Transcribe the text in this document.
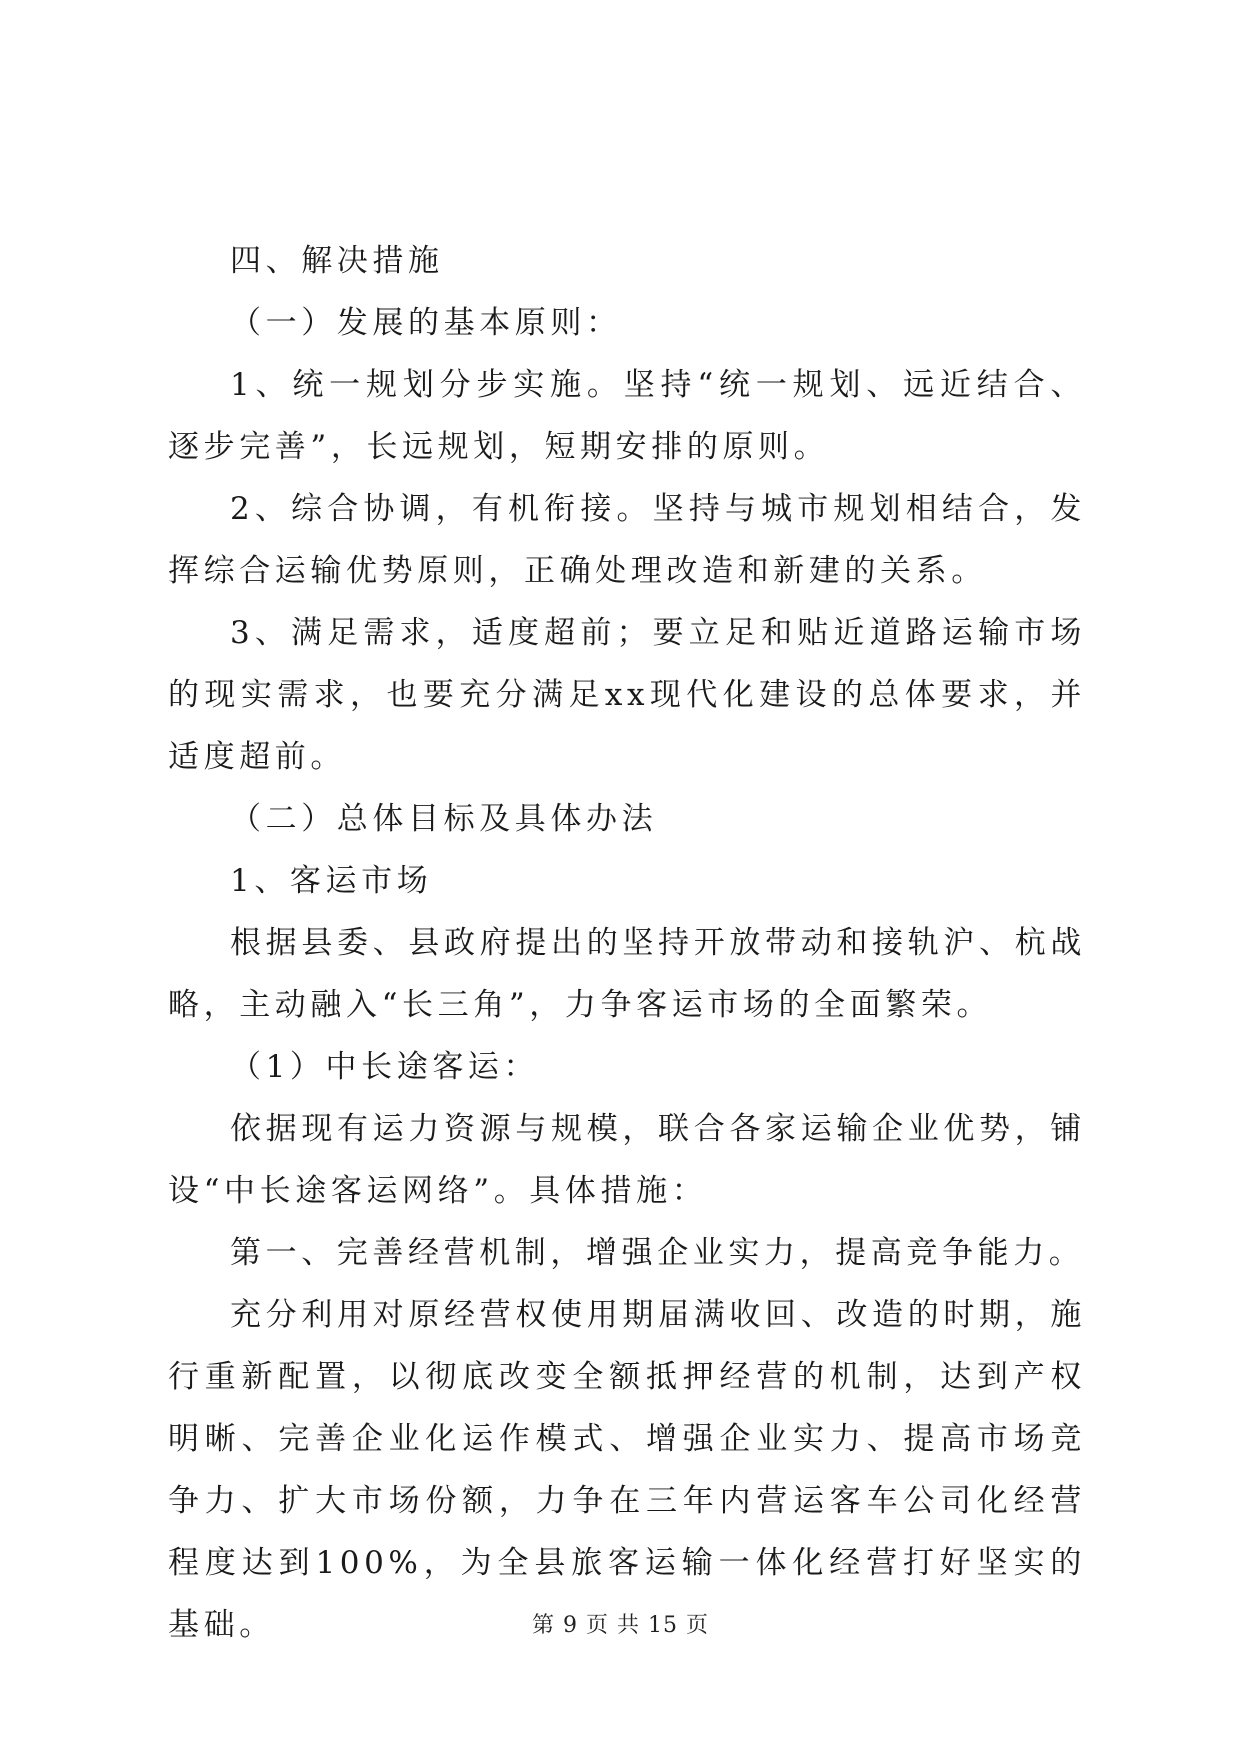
四、解决措施

（一）发展的基本原则：

1、统一规划分步实施。坚持“统一规划、远近结合、逐步完善”，长远规划，短期安排的原则。

2、综合协调，有机衔接。坚持与城市规划相结合，发挥综合运输优势原则，正确处理改造和新建的关系。

3、满足需求，适度超前；要立足和贴近道路运输市场的现实需求，也要充分满足xx现代化建设的总体要求，并适度超前。

（二）总体目标及具体办法

1、客运市场

根据县委、县政府提出的坚持开放带动和接轨沪、杭战略，主动融入“长三角”，力争客运市场的全面繁荣。

（1）中长途客运：

依据现有运力资源与规模，联合各家运输企业优势，铺设“中长途客运网络”。具体措施：

第一、完善经营机制，增强企业实力，提高竞争能力。

充分利用对原经营权使用期届满收回、改造的时期，施行重新配置，以彻底改变全额抵押经营的机制，达到产权明晰、完善企业化运作模式、增强企业实力、提高市场竞争力、扩大市场份额，力争在三年内营运客车公司化经营程度达到100%，为全县旅客运输一体化经营打好坚实的基础。	第 9 页 共 15 页
